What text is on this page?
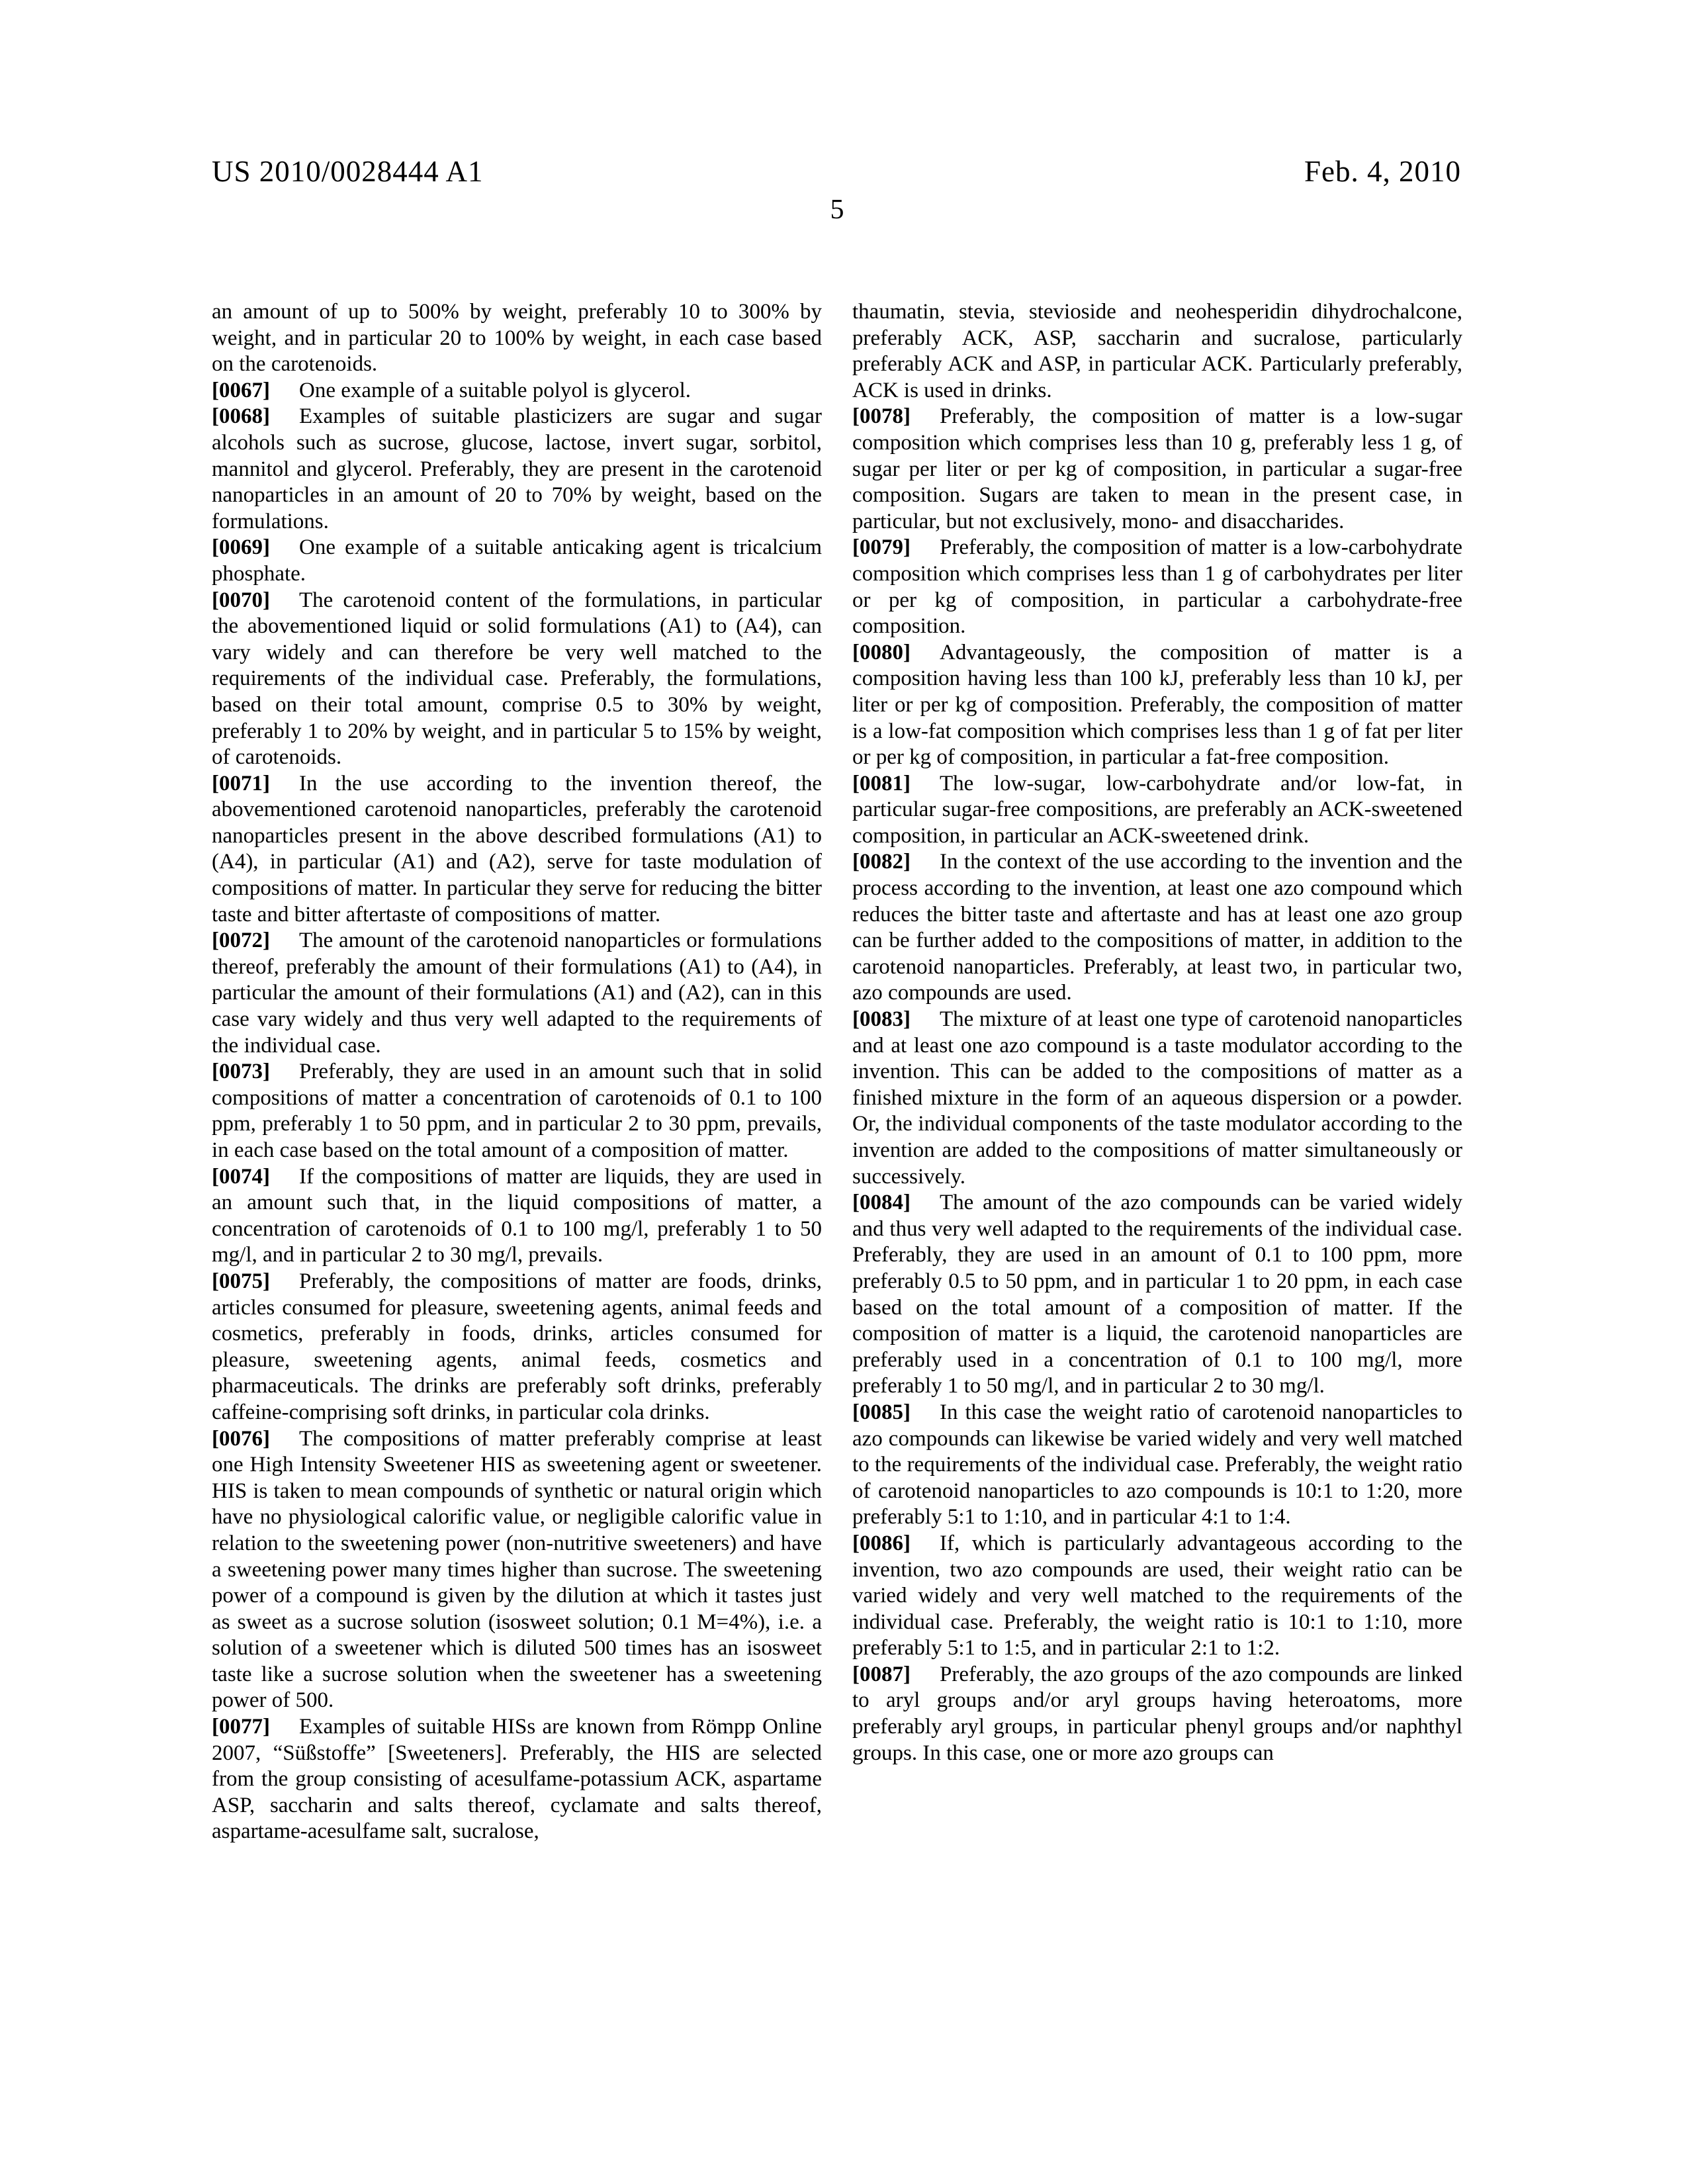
US 2010/0028444 A1	Feb. 4, 2010
5

an amount of up to 500% by weight, preferably 10 to 300% by weight, and in particular 20 to 100% by weight, in each case based on the carotenoids.

[0067] One example of a suitable polyol is glycerol.

[0068] Examples of suitable plasticizers are sugar and sugar alcohols such as sucrose, glucose, lactose, invert sugar, sorbitol, mannitol and glycerol. Preferably, they are present in the carotenoid nanoparticles in an amount of 20 to 70% by weight, based on the formulations.

[0069] One example of a suitable anticaking agent is tricalcium phosphate.

[0070] The carotenoid content of the formulations, in particular the abovementioned liquid or solid formulations (A1) to (A4), can vary widely and can therefore be very well matched to the requirements of the individual case. Preferably, the formulations, based on their total amount, comprise 0.5 to 30% by weight, preferably 1 to 20% by weight, and in particular 5 to 15% by weight, of carotenoids.

[0071] In the use according to the invention thereof, the abovementioned carotenoid nanoparticles, preferably the carotenoid nanoparticles present in the above described formulations (A1) to (A4), in particular (A1) and (A2), serve for taste modulation of compositions of matter. In particular they serve for reducing the bitter taste and bitter aftertaste of compositions of matter.

[0072] The amount of the carotenoid nanoparticles or formulations thereof, preferably the amount of their formulations (A1) to (A4), in particular the amount of their formulations (A1) and (A2), can in this case vary widely and thus very well adapted to the requirements of the individual case.

[0073] Preferably, they are used in an amount such that in solid compositions of matter a concentration of carotenoids of 0.1 to 100 ppm, preferably 1 to 50 ppm, and in particular 2 to 30 ppm, prevails, in each case based on the total amount of a composition of matter.

[0074] If the compositions of matter are liquids, they are used in an amount such that, in the liquid compositions of matter, a concentration of carotenoids of 0.1 to 100 mg/l, preferably 1 to 50 mg/l, and in particular 2 to 30 mg/l, prevails.

[0075] Preferably, the compositions of matter are foods, drinks, articles consumed for pleasure, sweetening agents, animal feeds and cosmetics, preferably in foods, drinks, articles consumed for pleasure, sweetening agents, animal feeds, cosmetics and pharmaceuticals. The drinks are preferably soft drinks, preferably caffeine-comprising soft drinks, in particular cola drinks.

[0076] The compositions of matter preferably comprise at least one High Intensity Sweetener HIS as sweetening agent or sweetener. HIS is taken to mean compounds of synthetic or natural origin which have no physiological calorific value, or negligible calorific value in relation to the sweetening power (non-nutritive sweeteners) and have a sweetening power many times higher than sucrose. The sweetening power of a compound is given by the dilution at which it tastes just as sweet as a sucrose solution (isosweet solution; 0.1 M=4%), i.e. a solution of a sweetener which is diluted 500 times has an isosweet taste like a sucrose solution when the sweetener has a sweetening power of 500.

[0077] Examples of suitable HISs are known from Römpp Online 2007, “Süßstoffe” [Sweeteners]. Preferably, the HIS are selected from the group consisting of acesulfame-potassium ACK, aspartame ASP, saccharin and salts thereof, cyclamate and salts thereof, aspartame-acesulfame salt, sucralose,

thaumatin, stevia, stevioside and neohesperidin dihydrochalcone, preferably ACK, ASP, saccharin and sucralose, particularly preferably ACK and ASP, in particular ACK. Particularly preferably, ACK is used in drinks.

[0078] Preferably, the composition of matter is a low-sugar composition which comprises less than 10 g, preferably less 1 g, of sugar per liter or per kg of composition, in particular a sugar-free composition. Sugars are taken to mean in the present case, in particular, but not exclusively, mono- and disaccharides.

[0079] Preferably, the composition of matter is a low-carbohydrate composition which comprises less than 1 g of carbohydrates per liter or per kg of composition, in particular a carbohydrate-free composition.

[0080] Advantageously, the composition of matter is a composition having less than 100 kJ, preferably less than 10 kJ, per liter or per kg of composition. Preferably, the composition of matter is a low-fat composition which comprises less than 1 g of fat per liter or per kg of composition, in particular a fat-free composition.

[0081] The low-sugar, low-carbohydrate and/or low-fat, in particular sugar-free compositions, are preferably an ACK-sweetened composition, in particular an ACK-sweetened drink.

[0082] In the context of the use according to the invention and the process according to the invention, at least one azo compound which reduces the bitter taste and aftertaste and has at least one azo group can be further added to the compositions of matter, in addition to the carotenoid nanoparticles. Preferably, at least two, in particular two, azo compounds are used.

[0083] The mixture of at least one type of carotenoid nanoparticles and at least one azo compound is a taste modulator according to the invention. This can be added to the compositions of matter as a finished mixture in the form of an aqueous dispersion or a powder. Or, the individual components of the taste modulator according to the invention are added to the compositions of matter simultaneously or successively.

[0084] The amount of the azo compounds can be varied widely and thus very well adapted to the requirements of the individual case. Preferably, they are used in an amount of 0.1 to 100 ppm, more preferably 0.5 to 50 ppm, and in particular 1 to 20 ppm, in each case based on the total amount of a composition of matter. If the composition of matter is a liquid, the carotenoid nanoparticles are preferably used in a concentration of 0.1 to 100 mg/l, more preferably 1 to 50 mg/l, and in particular 2 to 30 mg/l.

[0085] In this case the weight ratio of carotenoid nanoparticles to azo compounds can likewise be varied widely and very well matched to the requirements of the individual case. Preferably, the weight ratio of carotenoid nanoparticles to azo compounds is 10:1 to 1:20, more preferably 5:1 to 1:10, and in particular 4:1 to 1:4.

[0086] If, which is particularly advantageous according to the invention, two azo compounds are used, their weight ratio can be varied widely and very well matched to the requirements of the individual case. Preferably, the weight ratio is 10:1 to 1:10, more preferably 5:1 to 1:5, and in particular 2:1 to 1:2.

[0087] Preferably, the azo groups of the azo compounds are linked to aryl groups and/or aryl groups having heteroatoms, more preferably aryl groups, in particular phenyl groups and/or naphthyl groups. In this case, one or more azo groups can
